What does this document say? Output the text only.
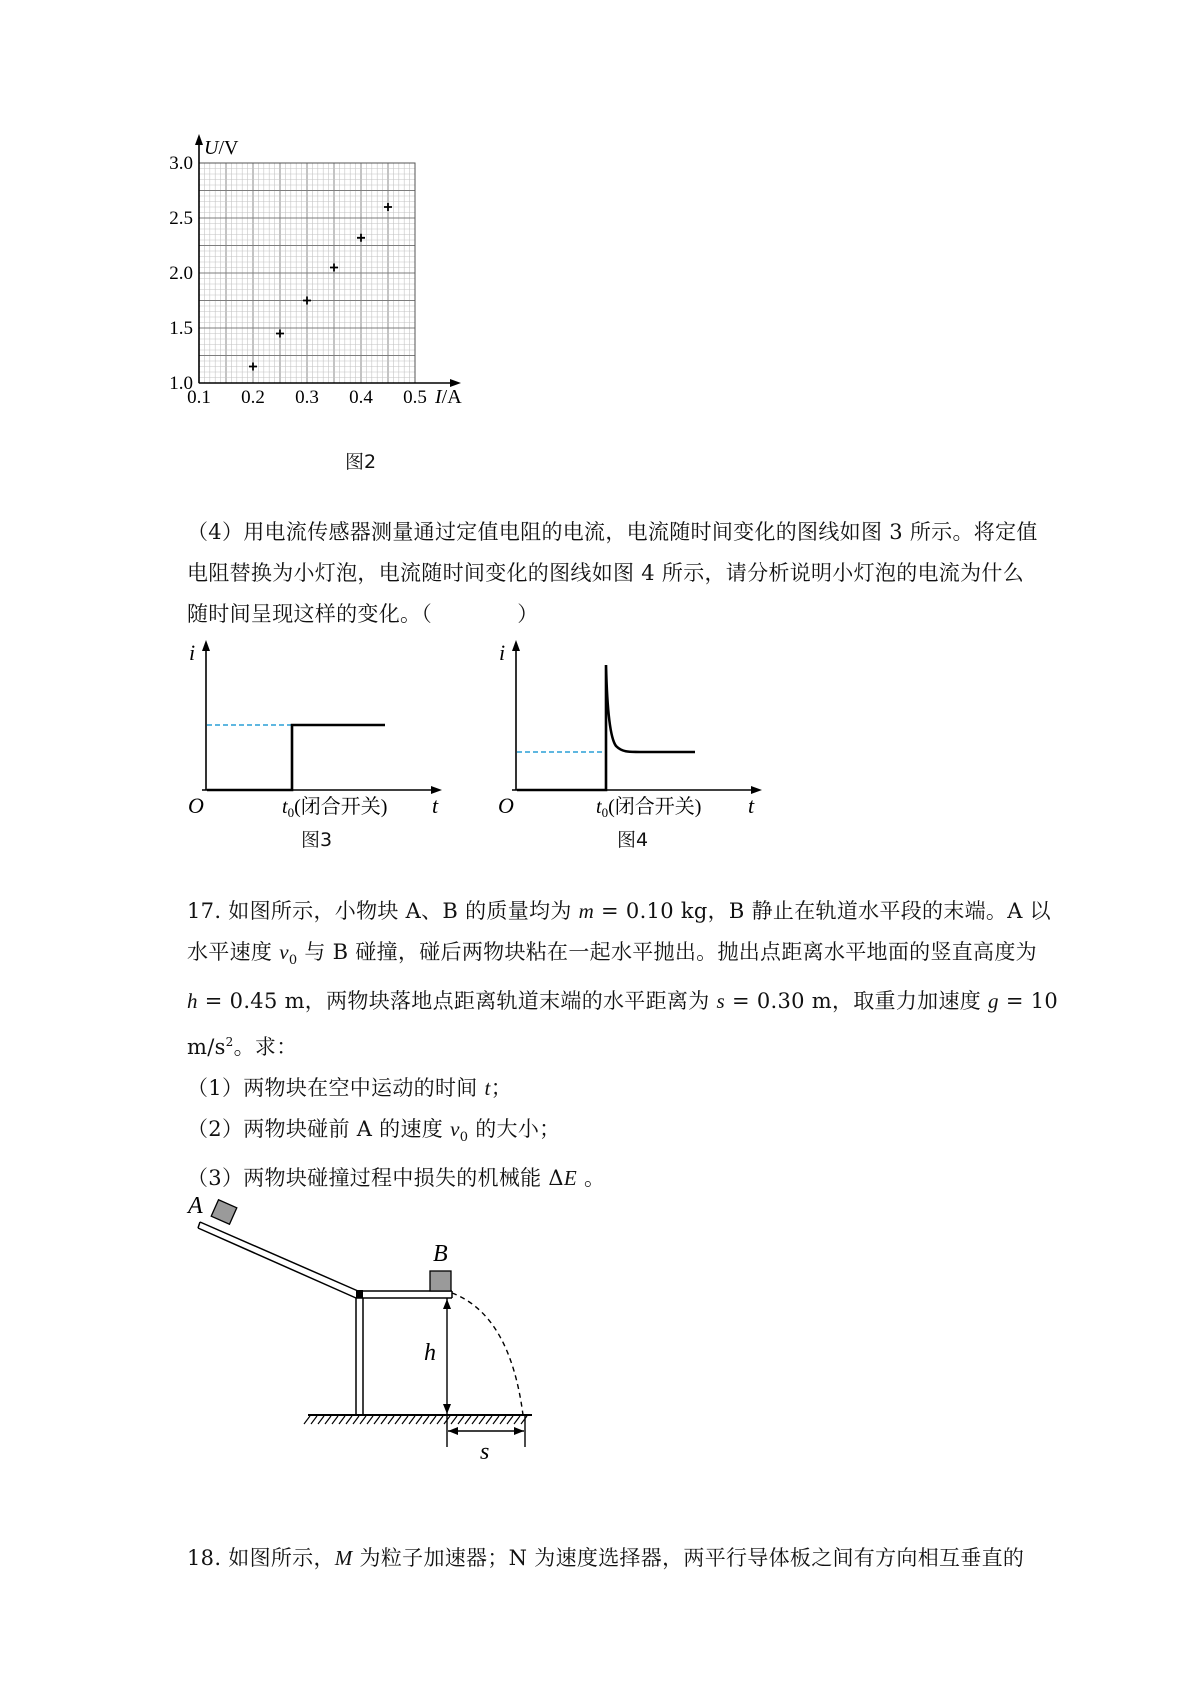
1.0
1.5
2.0
2.5
3.0
0.1 0.2 0.3 0.4 0.5
U/V
I/A
图2
（4）用电流传感器测量通过定值电阻的电流，电流随时间变化的图线如图 3 所示。将定值
电阻替换为小灯泡，电流随时间变化的图线如图 4 所示，请分析说明小灯泡的电流为什么
随时间呈现这样的变化。（　　　　）
i
O	t
$t_0$(闭合开关)
图3
i
O	t
$t_0$(闭合开关)
图4
17. 如图所示，小物块 A、B 的质量均为 m = 0.10 kg，B 静止在轨道水平段的末端。A 以
水平速度 $v_0$ 与 B 碰撞，碰后两物块粘在一起水平抛出。抛出点距离水平地面的竖直高度为
h = 0.45 m，两物块落地点距离轨道末端的水平距离为 s = 0.30 m，取重力加速度 g = 10
$m/s^2$。求：
（1）两物块在空中运动的时间 t；
（2）两物块碰前 A 的速度 $v_0$ 的大小；
（3）两物块碰撞过程中损失的机械能 ΔE 。
A
B
h
s
18. 如图所示，M 为粒子加速器；N 为速度选择器，两平行导体板之间有方向相互垂直的
